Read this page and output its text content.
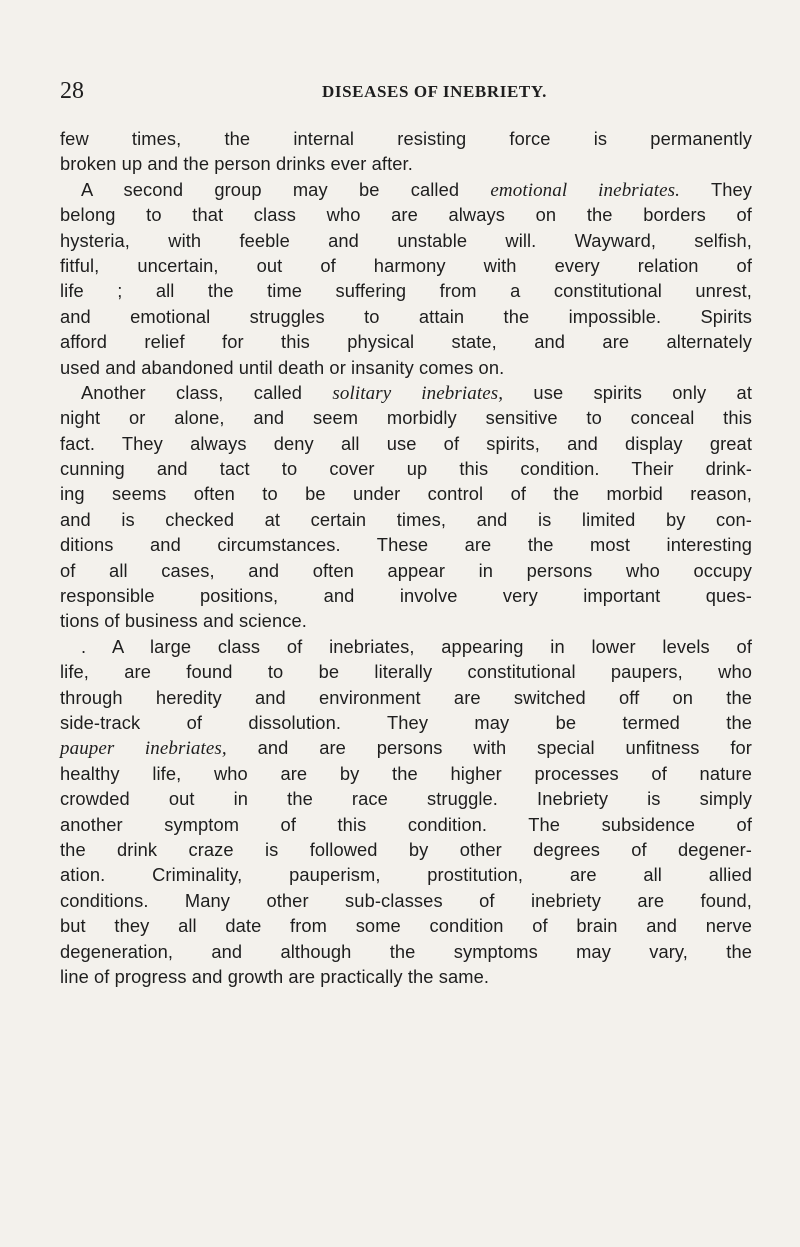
28	DISEASES OF INEBRIETY.
few times, the internal resisting force is permanently
broken up and the person drinks ever after.
A second group may be called emotional inebriates. They
belong to that class who are always on the borders of
hysteria, with feeble and unstable will. Wayward, selfish,
fitful, uncertain, out of harmony with every relation of
life ; all the time suffering from a constitutional unrest,
and emotional struggles to attain the impossible. Spirits
afford relief for this physical state, and are alternately
used and abandoned until death or insanity comes on.
Another class, called solitary inebriates, use spirits only at
night or alone, and seem morbidly sensitive to conceal this
fact. They always deny all use of spirits, and display great
cunning and tact to cover up this condition. Their drink-
ing seems often to be under control of the morbid reason,
and is checked at certain times, and is limited by con-
ditions and circumstances. These are the most interesting
of all cases, and often appear in persons who occupy
responsible positions, and involve very important ques-
tions of business and science.
. A large class of inebriates, appearing in lower levels of
life, are found to be literally constitutional paupers, who
through heredity and environment are switched off on the
side-track of dissolution. They may be termed the
pauper inebriates, and are persons with special unfitness for
healthy life, who are by the higher processes of nature
crowded out in the race struggle. Inebriety is simply
another symptom of this condition. The subsidence of
the drink craze is followed by other degrees of degener-
ation. Criminality, pauperism, prostitution, are all allied
conditions. Many other sub-classes of inebriety are found,
but they all date from some condition of brain and nerve
degeneration, and although the symptoms may vary, the
line of progress and growth are practically the same.
